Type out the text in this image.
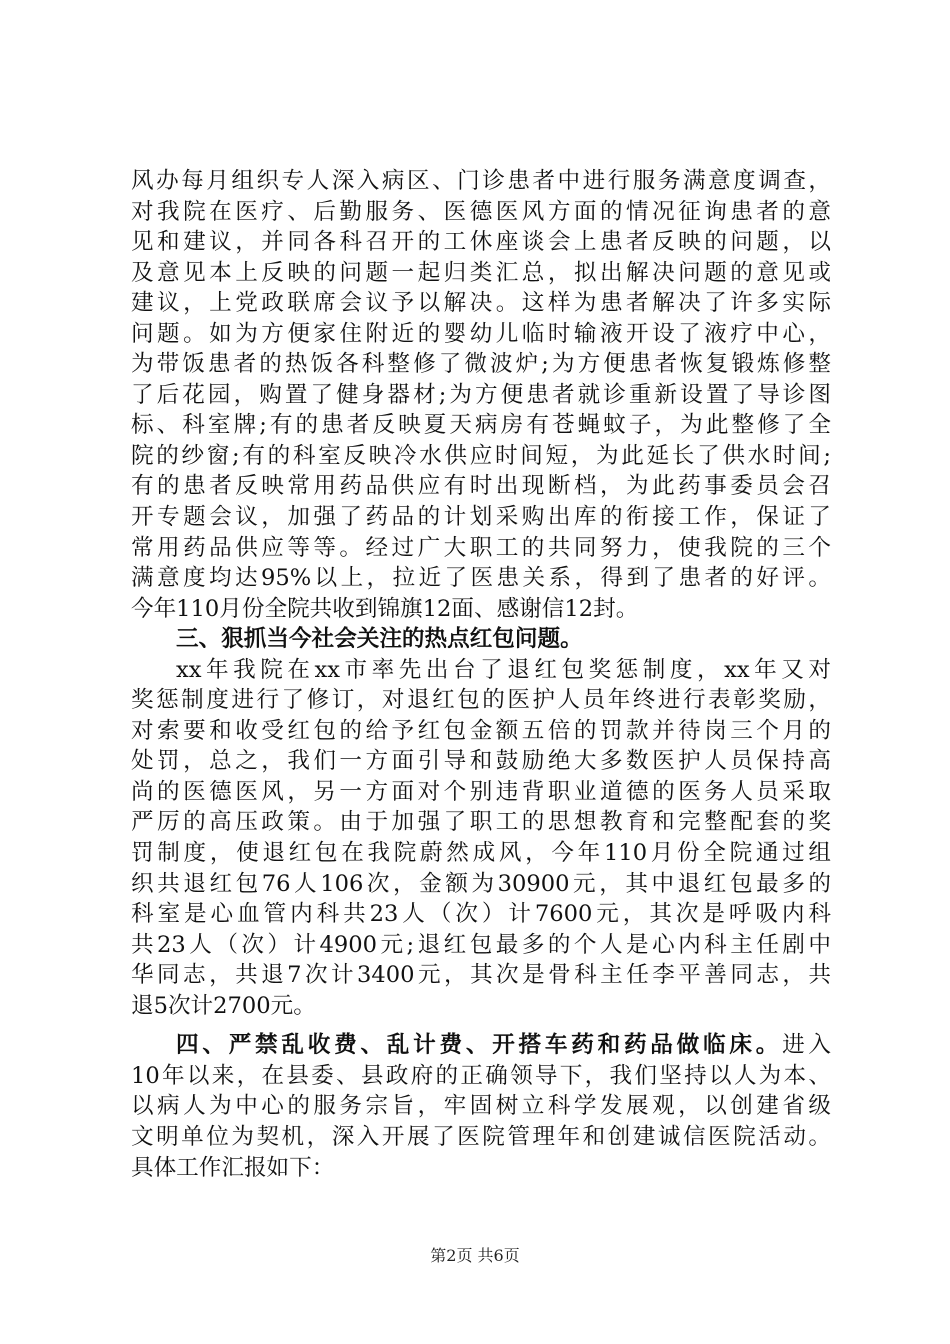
风办每月组织专人深入病区、门诊患者中进行服务满意度调查，
对我院在医疗、后勤服务、医德医风方面的情况征询患者的意
见和建议，并同各科召开的工休座谈会上患者反映的问题，以
及意见本上反映的问题一起归类汇总，拟出解决问题的意见或
建议，上党政联席会议予以解决。这样为患者解决了许多实际
问题。如为方便家住附近的婴幼儿临时输液开设了液疗中心，
为带饭患者的热饭各科整修了微波炉;为方便患者恢复锻炼修整
了后花园，购置了健身器材;为方便患者就诊重新设置了导诊图
标、科室牌;有的患者反映夏天病房有苍蝇蚊子，为此整修了全
院的纱窗;有的科室反映冷水供应时间短，为此延长了供水时间;
有的患者反映常用药品供应有时出现断档，为此药事委员会召
开专题会议，加强了药品的计划采购出库的衔接工作，保证了
常用药品供应等等。经过广大职工的共同努力，使我院的三个
满意度均达95%以上，拉近了医患关系，得到了患者的好评。
今年110月份全院共收到锦旗12面、感谢信12封。
三、狠抓当今社会关注的热点红包问题。
xx年我院在xx市率先出台了退红包奖惩制度，xx年又对
奖惩制度进行了修订，对退红包的医护人员年终进行表彰奖励，
对索要和收受红包的给予红包金额五倍的罚款并待岗三个月的
处罚，总之，我们一方面引导和鼓励绝大多数医护人员保持高
尚的医德医风，另一方面对个别违背职业道德的医务人员采取
严厉的高压政策。由于加强了职工的思想教育和完整配套的奖
罚制度，使退红包在我院蔚然成风，今年110月份全院通过组
织共退红包76人106次，金额为30900元，其中退红包最多的
科室是心血管内科共23人（次）计7600元，其次是呼吸内科
共23人（次）计4900元;退红包最多的个人是心内科主任剧中
华同志，共退7次计3400元，其次是骨科主任李平善同志，共
退5次计2700元。
四、严禁乱收费、乱计费、开搭车药和药品做临床。进入
10年以来，在县委、县政府的正确领导下，我们坚持以人为本、
以病人为中心的服务宗旨，牢固树立科学发展观，以创建省级
文明单位为契机，深入开展了医院管理年和创建诚信医院活动。
具体工作汇报如下：
第2页 共6页
